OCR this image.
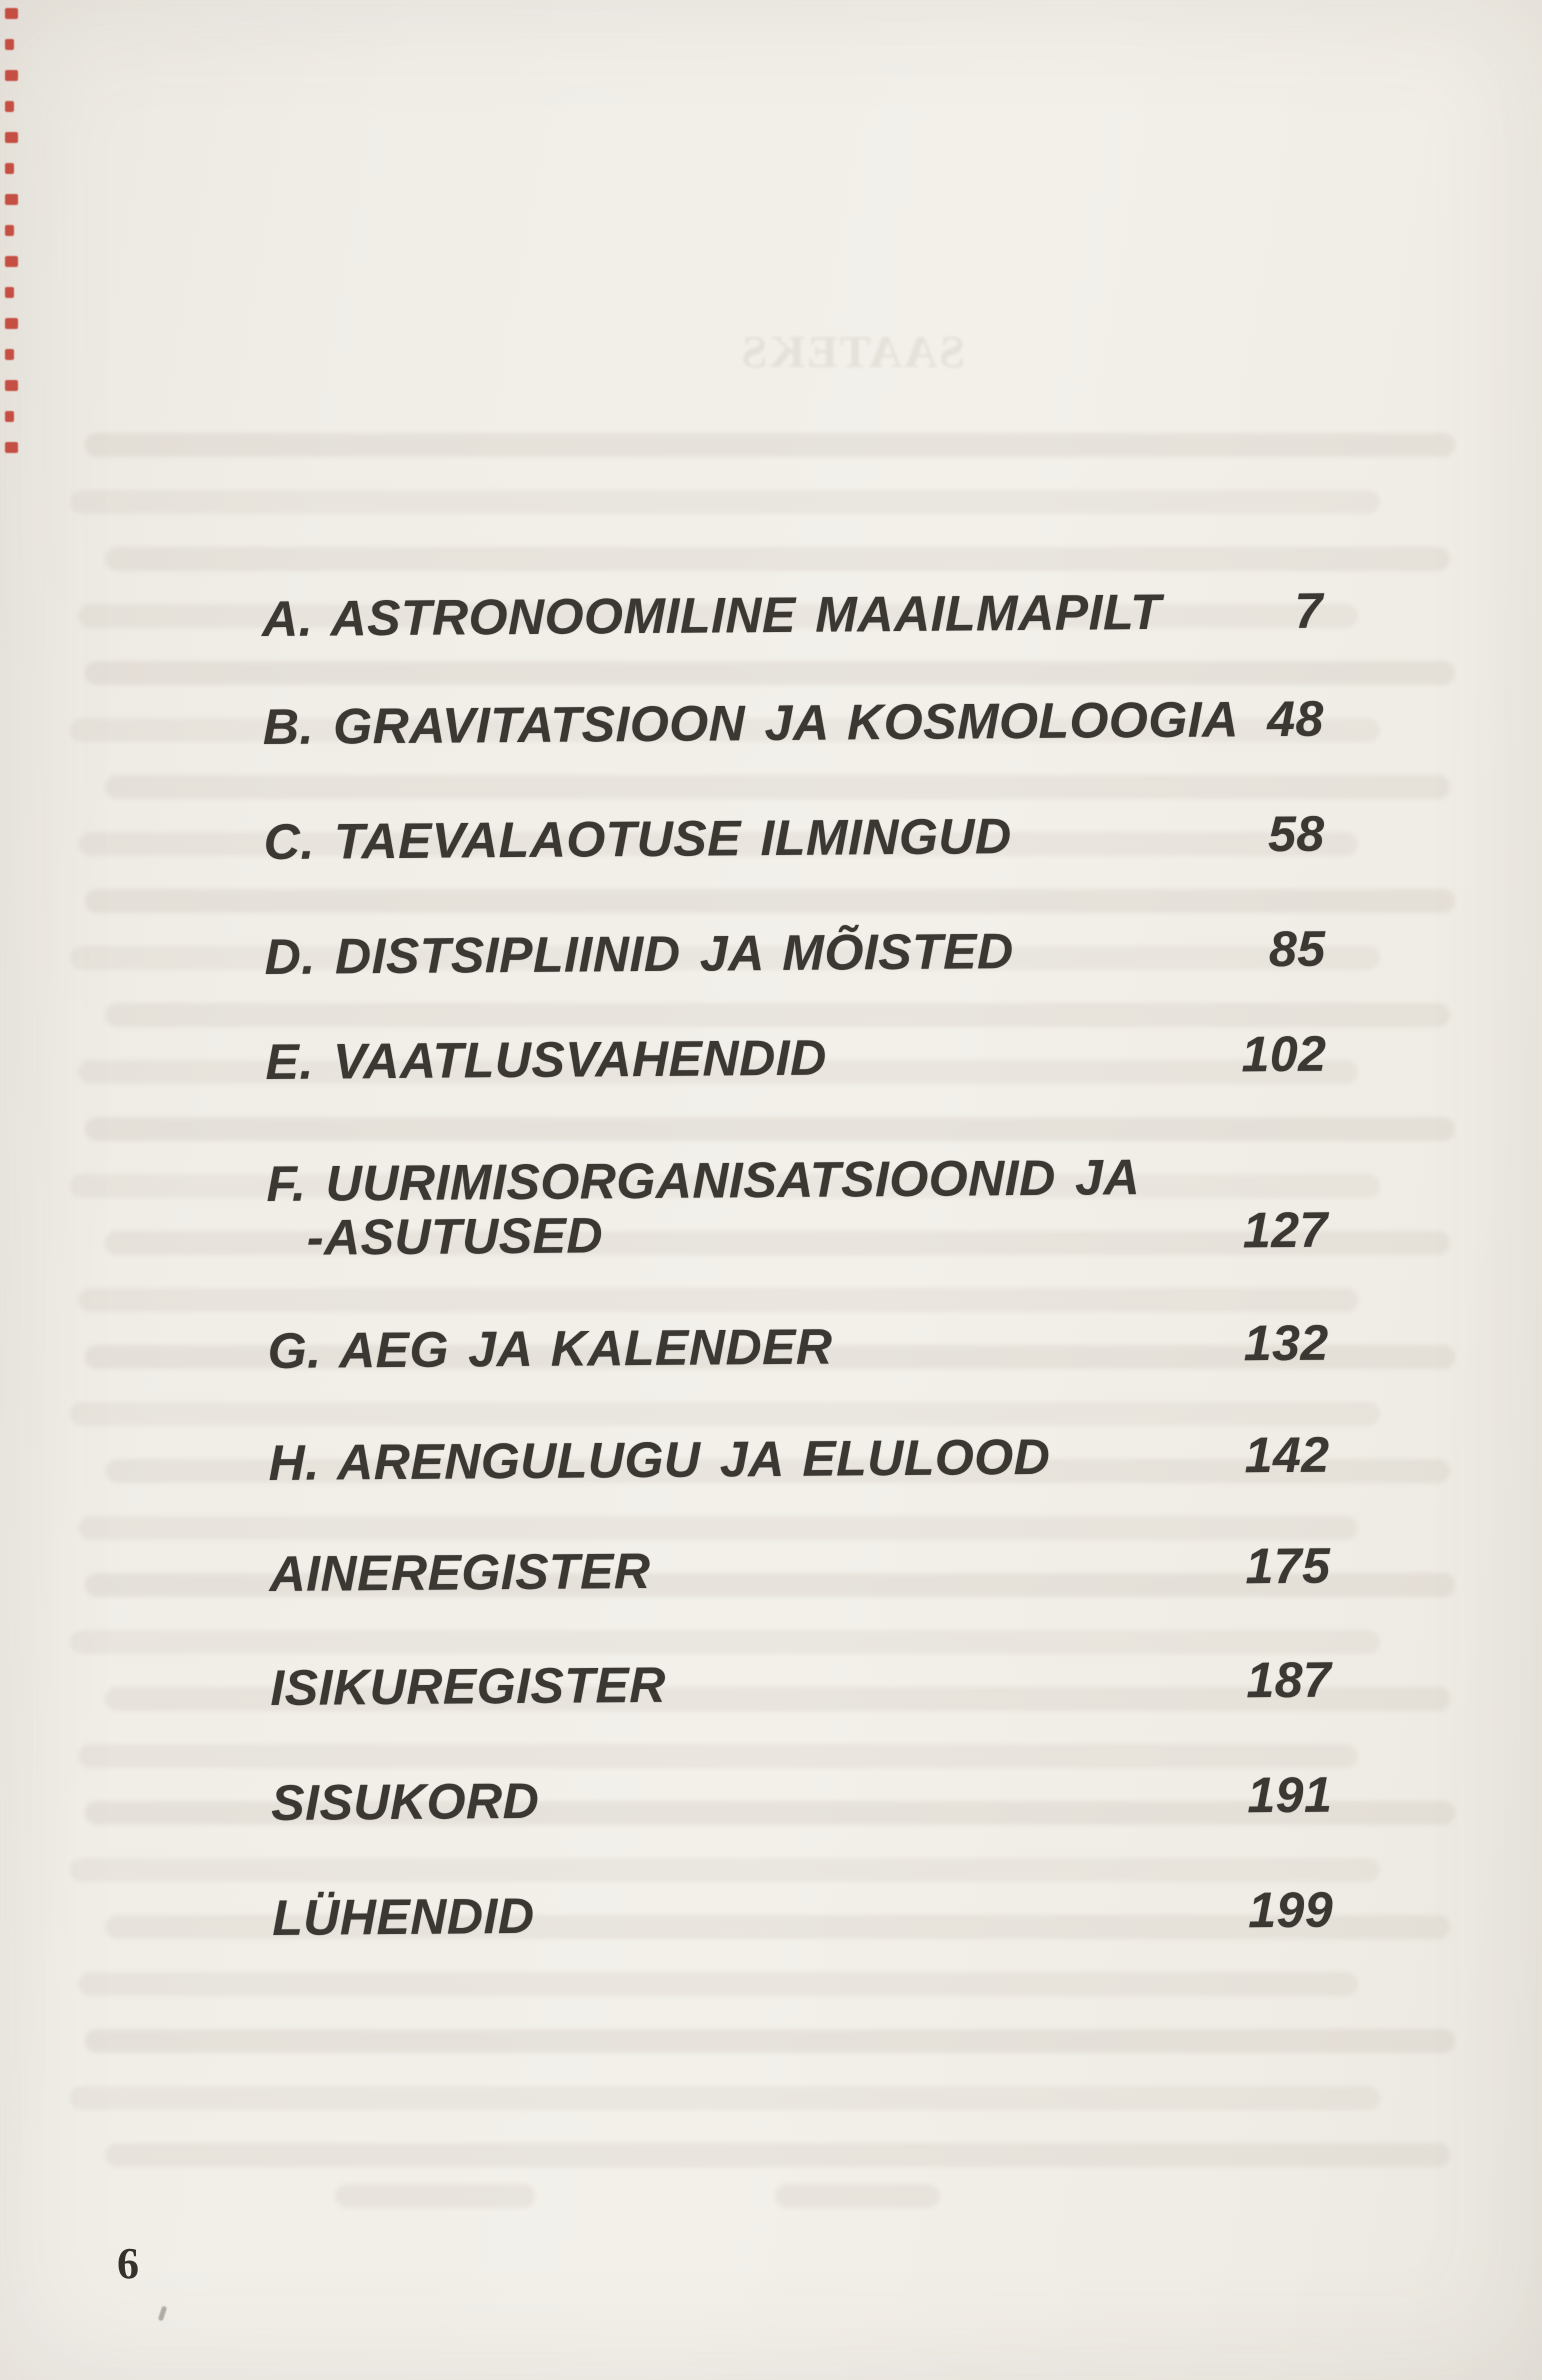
SAATEKS
A. ASTRONOOMILINE MAAILMAPILT	7
B. GRAVITATSIOON JA KOSMOLOOGIA 48
C. TAEVALAOTUSE ILMINGUD	58
D. DISTSIPLIINID JA MÕISTED	85
E. VAATLUSVAHENDID	102
F. UURIMISORGANISATSIOONID JA
-ASUTUSED	127
G. AEG JA KALENDER	132
H. ARENGULUGU JA ELULOOD	142
AINEREGISTER	175
ISIKUREGISTER	187
SISUKORD	191
LÜHENDID	199
6
